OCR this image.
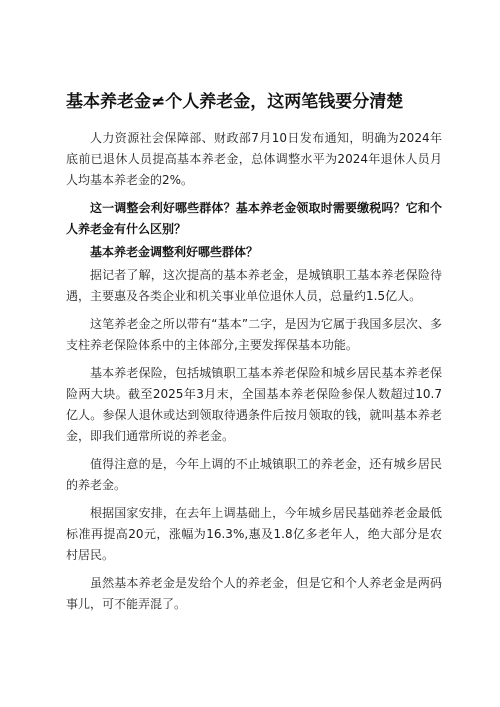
基本养老金≠个人养老金，这两笔钱要分清楚

人力资源社会保障部、财政部7月10日发布通知，明确为2024年底前已退休人员提高基本养老金，总体调整水平为2024年退休人员月人均基本养老金的2%。

这一调整会利好哪些群体？基本养老金领取时需要缴税吗？它和个人养老金有什么区别？

基本养老金调整利好哪些群体？

据记者了解，这次提高的基本养老金，是城镇职工基本养老保险待遇，主要惠及各类企业和机关事业单位退休人员，总量约1.5亿人。

这笔养老金之所以带有“基本”二字，是因为它属于我国多层次、多支柱养老保险体系中的主体部分,主要发挥保基本功能。

基本养老保险，包括城镇职工基本养老保险和城乡居民基本养老保险两大块。截至2025年3月末，全国基本养老保险参保人数超过10.7亿人。参保人退休或达到领取待遇条件后按月领取的钱，就叫基本养老金，即我们通常所说的养老金。

值得注意的是，今年上调的不止城镇职工的养老金，还有城乡居民的养老金。

根据国家安排，在去年上调基础上，今年城乡居民基础养老金最低标准再提高20元，涨幅为16.3%,惠及1.8亿多老年人，绝大部分是农村居民。

虽然基本养老金是发给个人的养老金，但是它和个人养老金是两码事儿，可不能弄混了。
